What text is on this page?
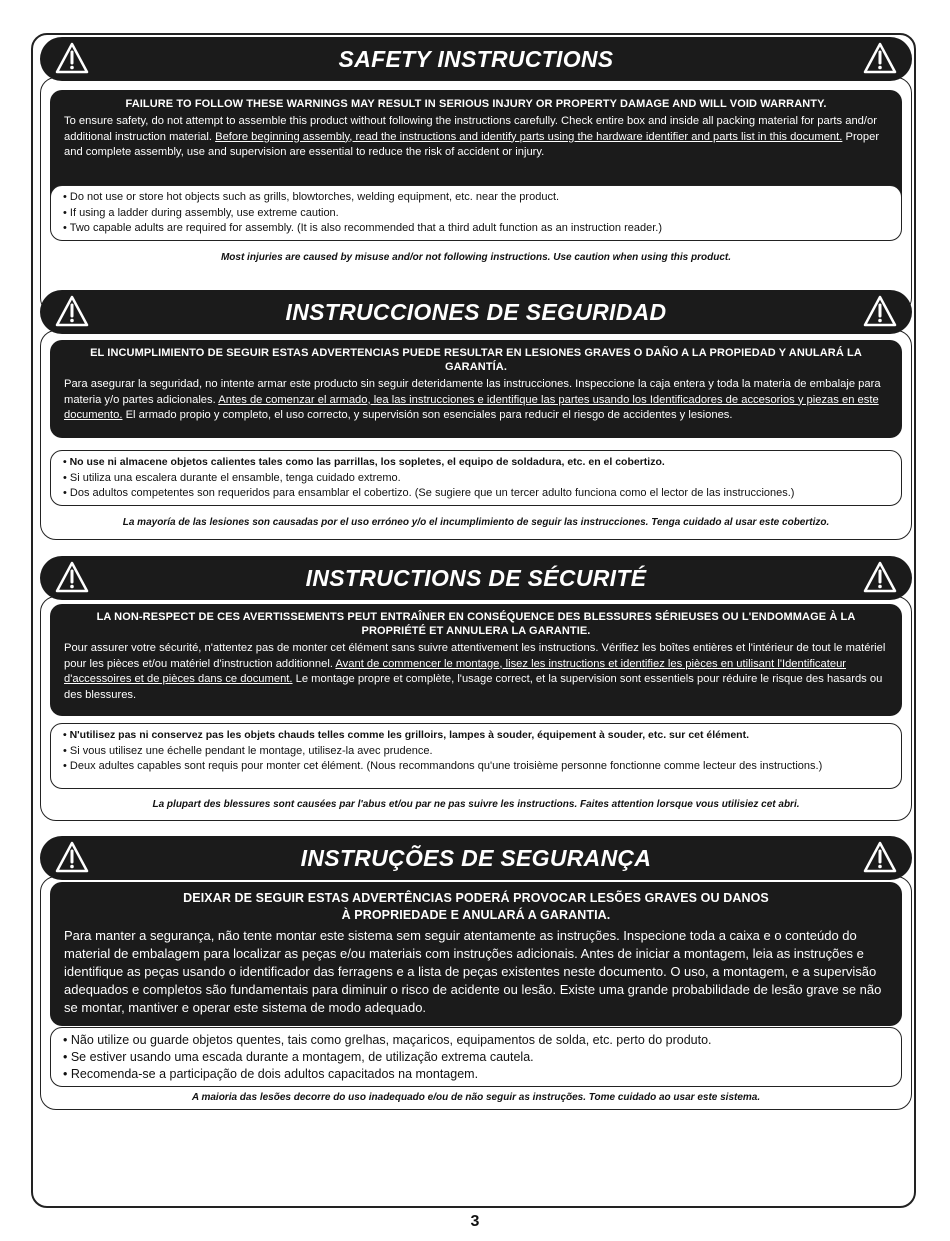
SAFETY INSTRUCTIONS
FAILURE TO FOLLOW THESE WARNINGS MAY RESULT IN SERIOUS INJURY OR PROPERTY DAMAGE AND WILL VOID WARRANTY.
To ensure safety, do not attempt to assemble this product without following the instructions carefully. Check entire box and inside all packing material for parts and/or additional instruction material. Before beginning assembly, read the instructions and identify parts using the hardware identifier and parts list in this document. Proper and complete assembly, use and supervision are essential to reduce the risk of accident or injury.
• Do not use or store hot objects such as grills, blowtorches, welding equipment, etc. near the product.
• If using a ladder during assembly, use extreme caution.
• Two capable adults are required for assembly. (It is also recommended that a third adult function as an instruction reader.)
Most injuries are caused by misuse and/or not following instructions. Use caution when using this product.
INSTRUCCIONES DE SEGURIDAD
EL INCUMPLIMIENTO DE SEGUIR ESTAS ADVERTENCIAS PUEDE RESULTAR EN LESIONES GRAVES O DAÑO A LA PROPIEDAD Y ANULARÁ LA GARANTÍA.
Para asegurar la seguridad, no intente armar este producto sin seguir deteridamente las instrucciones. Inspeccione la caja entera y toda la materia de embalaje para materia y/o partes adicionales. Antes de comenzar el armado, lea las instrucciones e identifique las partes usando los Identificadores de accesorios y piezas en este documento. El armado propio y completo, el uso correcto, y supervisión son esenciales para reducir el riesgo de accidentes y lesiones.
• No use ni almacene objetos calientes tales como las parrillas, los sopletes, el equipo de soldadura, etc. en el cobertizo.
• Si utiliza una escalera durante el ensamble, tenga cuidado extremo.
• Dos adultos competentes son requeridos para ensamblar el cobertizo. (Se sugiere que un tercer adulto funciona como el lector de las instrucciones.)
La mayoría de las lesiones son causadas por el uso erróneo y/o el incumplimiento de seguir las instrucciones. Tenga cuidado al usar este cobertizo.
INSTRUCTIONS DE SÉCURITÉ
LA NON-RESPECT DE CES AVERTISSEMENTS PEUT ENTRAÎNER EN CONSÉQUENCE DES BLESSURES SÉRIEUSES OU L'ENDOMMAGE À LA PROPRIÉTÉ ET ANNULERA LA GARANTIE.
Pour assurer votre sécurité, n'attentez pas de monter cet élément sans suivre attentivement les instructions. Vérifiez les boîtes entières et l'intérieur de tout le matériel pour les pièces et/ou matériel d'instruction additionnel. Avant de commencer le montage, lisez les instructions et identifiez les pièces en utilisant l'Identificateur d'accessoires et de pièces dans ce document. Le montage propre et complète, l'usage correct, et la supervision sont essentiels pour réduire le risque des hasards ou des blessures.
• N'utilisez pas ni conservez pas les objets chauds telles comme les grilloirs, lampes à souder, équipement à souder, etc. sur cet élément.
• Si vous utilisez une échelle pendant le montage, utilisez-la avec prudence.
• Deux adultes capables sont requis pour monter cet élément. (Nous recommandons qu'une troisième personne fonctionne comme lecteur des instructions.)
La plupart des blessures sont causées par l'abus et/ou par ne pas suivre les instructions. Faites attention lorsque vous utilisiez cet abri.
INSTRUÇÕES DE SEGURANÇA
DEIXAR DE SEGUIR ESTAS ADVERTÊNCIAS PODERÁ PROVOCAR LESÕES GRAVES OU DANOS
À PROPRIEDADE E ANULARÁ A GARANTIA.
Para manter a segurança, não tente montar este sistema sem seguir atentamente as instruções. Inspecione toda a caixa e o conteúdo do material de embalagem para localizar as peças e/ou materiais com instruções adicionais. Antes de iniciar a montagem, leia as instruções e identifique as peças usando o identificador das ferragens e a lista de peças existentes neste documento. O uso, a montagem, e a supervisão adequados e completos são fundamentais para diminuir o risco de acidente ou lesão. Existe uma grande probabilidade de lesão grave se não se montar, mantiver e operar este sistema de modo adequado.
• Não utilize ou guarde objetos quentes, tais como grelhas, maçaricos, equipamentos de solda, etc. perto do produto.
• Se estiver usando uma escada durante a montagem, de utilização extrema cautela.
• Recomenda-se a participação de dois adultos capacitados na montagem.
A maioria das lesões decorre do uso inadequado e/ou de não seguir as instruções. Tome cuidado ao usar este sistema.
3
